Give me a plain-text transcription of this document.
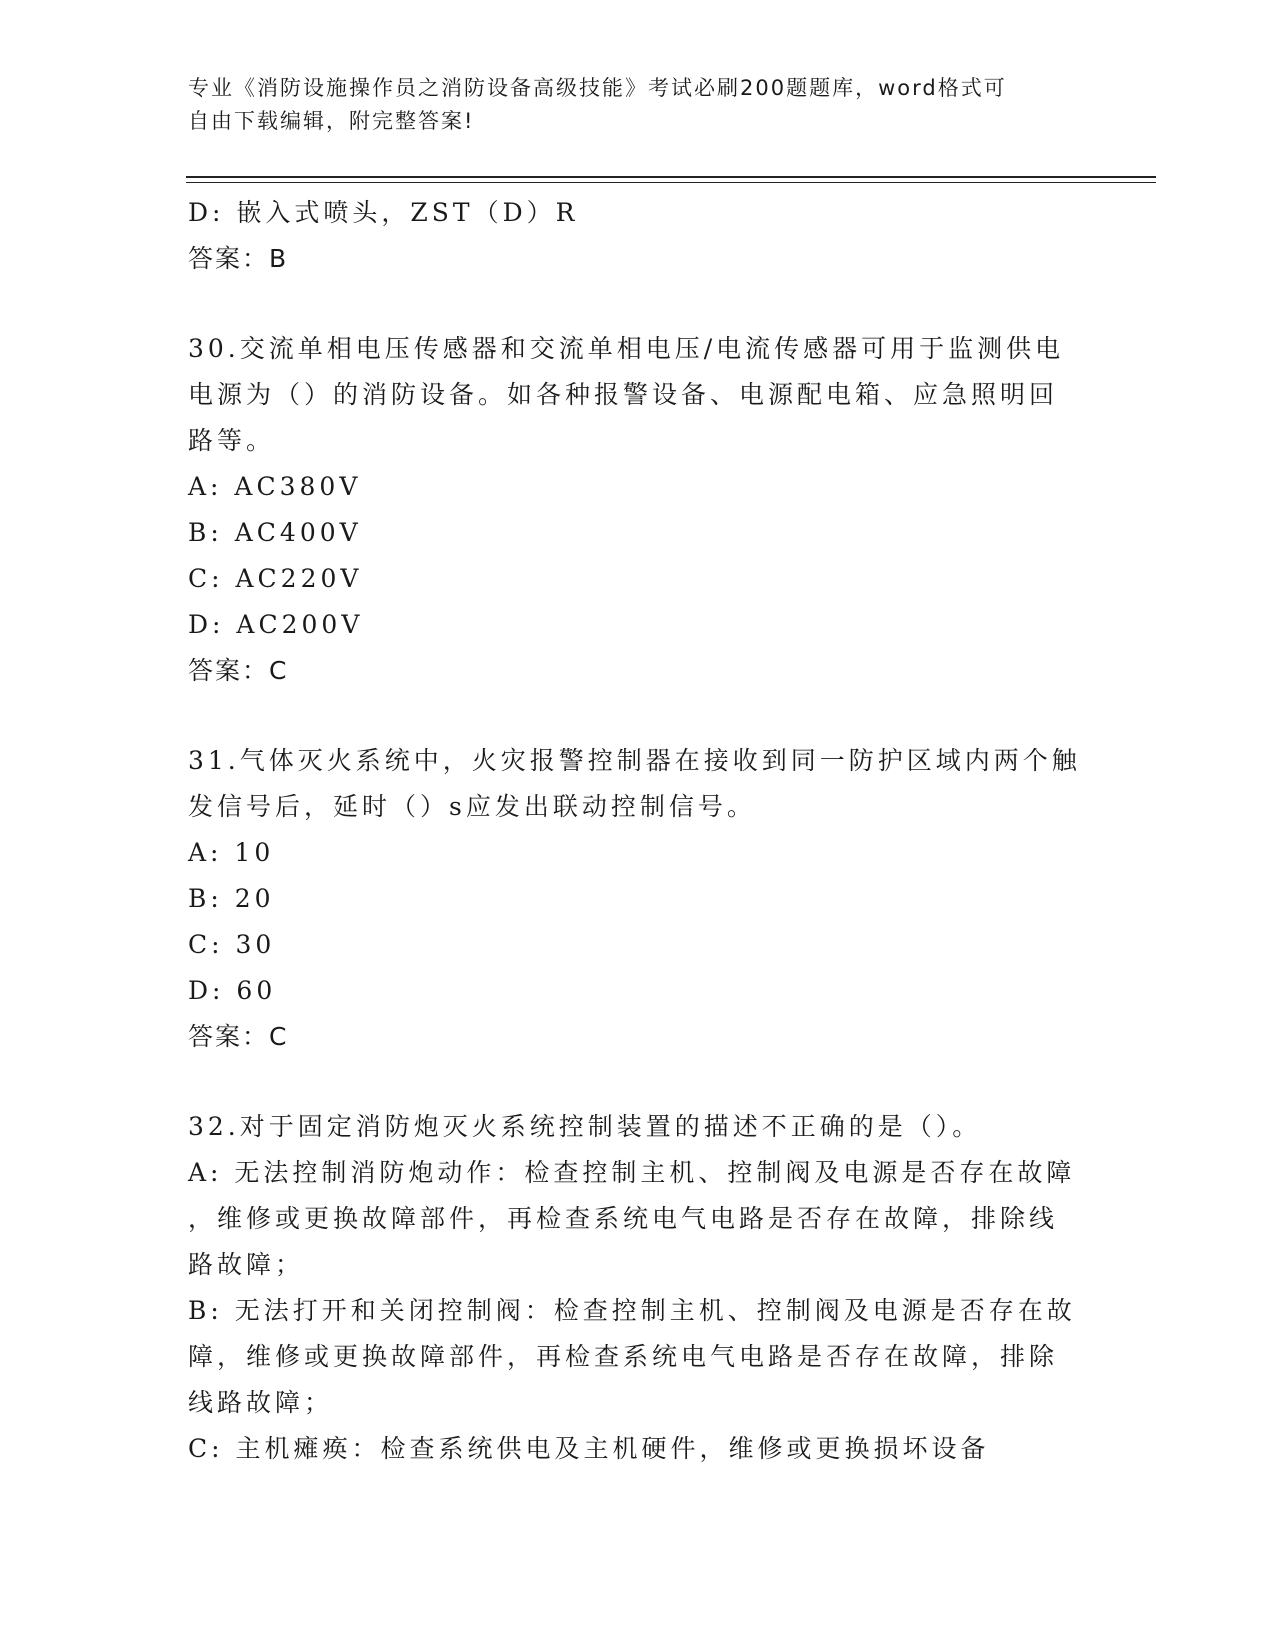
专业《消防设施操作员之消防设备高级技能》考试必刷200题题库，word格式可
自由下载编辑，附完整答案!
D: 嵌入式喷头，ZST（D）R
答案：B
30.交流单相电压传感器和交流单相电压/电流传感器可用于监测供电
电源为（）的消防设备。如各种报警设备、电源配电箱、应急照明回
路等。
A: AC380V
B: AC400V
C: AC220V
D: AC200V
答案：C
31.气体灭火系统中，火灾报警控制器在接收到同一防护区域内两个触
发信号后，延时（）s应发出联动控制信号。
A: 10
B: 20
C: 30
D: 60
答案：C
32.对于固定消防炮灭火系统控制装置的描述不正确的是（）。
A: 无法控制消防炮动作：检查控制主机、控制阀及电源是否存在故障
，维修或更换故障部件，再检查系统电气电路是否存在故障，排除线
路故障；
B: 无法打开和关闭控制阀：检查控制主机、控制阀及电源是否存在故
障，维修或更换故障部件，再检查系统电气电路是否存在故障，排除
线路故障；
C: 主机瘫痪：检查系统供电及主机硬件，维修或更换损坏设备
